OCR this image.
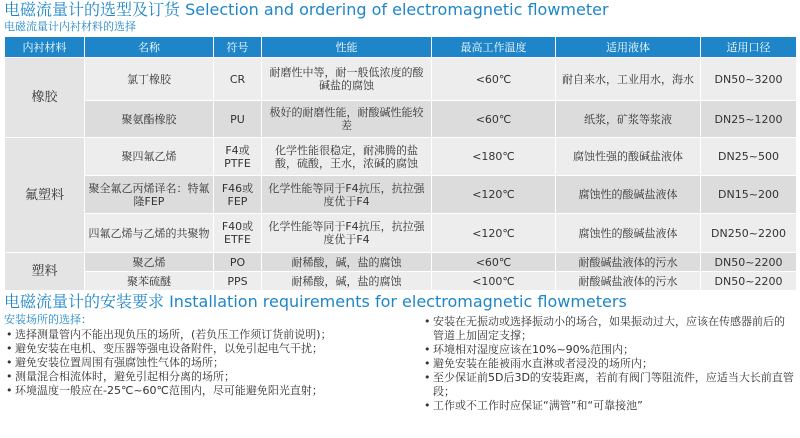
电磁流量计的选型及订货 Selection and ordering of electromagnetic flowmeter
电磁流量计内衬材料的选择
内衬材料	名称	符号	性能	最高工作温度	适用液体	适用口径
橡胶	氯丁橡胶	CR	耐磨性中等，耐一般低浓度的酸碱盐的腐蚀	<60℃	耐自来水，工业用水，海水	DN50~3200
	聚氨酯橡胶	PU	极好的耐磨性能，耐酸碱性能较差	<60℃	纸浆，矿浆等浆液	DN25~1200
氟塑料	聚四氟乙烯	F4或PTFE	化学性能很稳定，耐沸腾的盐酸，硫酸，王水，浓碱的腐蚀	<180℃	腐蚀性强的酸碱盐液体	DN25~500
	聚全氟乙丙烯译名：特氟隆FEP	F46或FEP	化学性能等同于F4抗压，抗拉强度优于F4	<120℃	腐蚀性的酸碱盐液体	DN15~200
	四氟乙烯与乙烯的共聚物	F40或ETFE	化学性能等同于F4抗压，抗拉强度优于F4	<120℃	腐蚀性的酸碱盐液体	DN250~2200
塑料	聚乙烯	PO	耐稀酸，碱，盐的腐蚀	<60℃	耐酸碱盐液体的污水	DN50~2200
	聚苯硫醚	PPS	耐稀酸，碱，盐的腐蚀	<100℃	耐酸碱盐液体的污水	DN50~2200
电磁流量计的安装要求 Installation requirements for electromagnetic flowmeters
安装场所的选择：
• 选择测量管内不能出现负压的场所，(若负压工作须订货前说明)；
• 避免安装在电机、变压器等强电设备附件，以免引起电气干扰；
• 避免安装位置周围有强腐蚀性气体的场所；
• 测量混合相流体时，避免引起相分离的场所；
• 环境温度一般应在-25℃~60℃范围内，尽可能避免阳光直射；
• 安装在无振动或选择振动小的场合，如果振动过大，应该在传感器前后的管道上加固定支撑；
• 环境相对湿度应该在10%~90%范围内；
• 避免安装在能被雨水直淋或者浸没的场所内；
• 至少保证前5D后3D的安装距离，若前有阀门等阻流件，应适当大长前直管段；
• 工作或不工作时应保证“满管”和“可靠接池”
